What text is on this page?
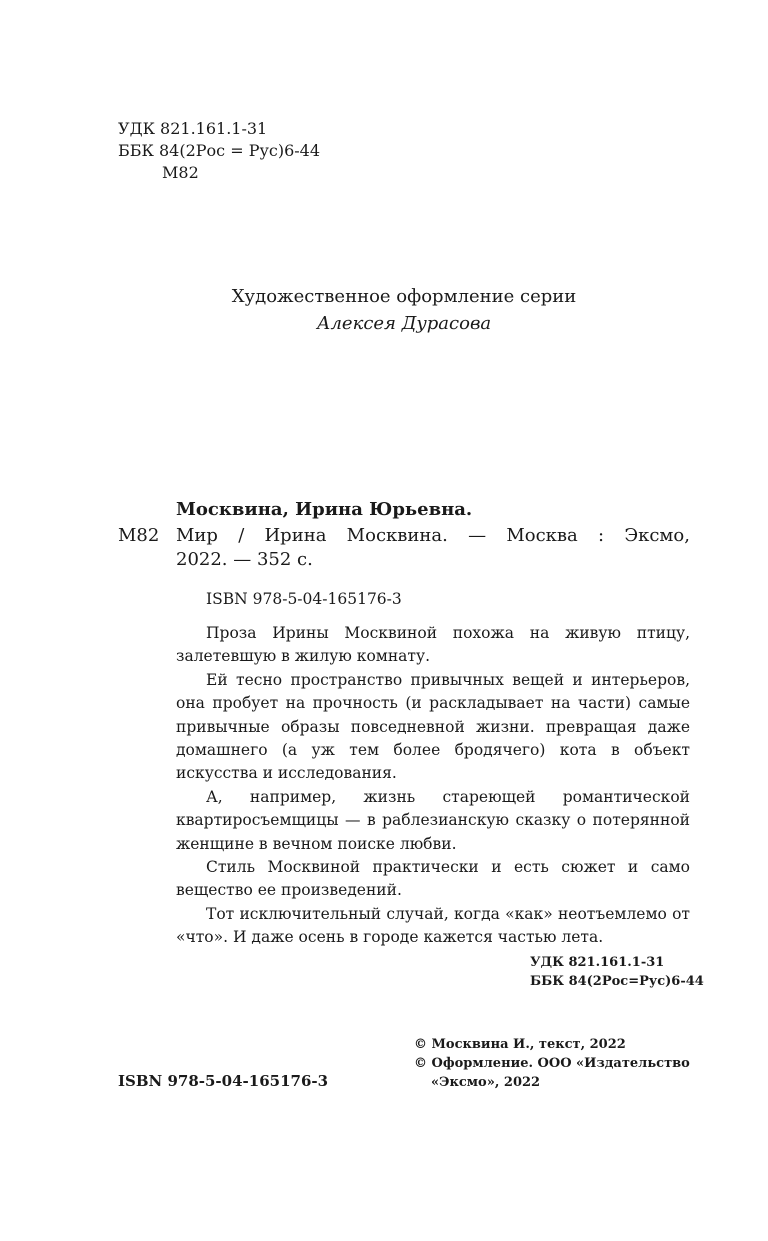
УДК 821.161.1-31
ББК 84(2Рос = Рус)6-44
М82
Художественное оформление серии
Алексея Дурасова
Москвина, Ирина Юрьевна.
М82 Мир / Ирина Москвина. — Москва : Эксмо,
2022. — 352 с.
ISBN 978-5-04-165176-3

Проза Ирины Москвиной похожа на живую птицу, залетевшую в жилую комнату.

Ей тесно пространство привычных вещей и интерьеров, она пробует на прочность (и раскладывает на части) самые привычные образы повседневной жизни. превращая даже домашнего (а уж тем более бродячего) кота в объект искусства и исследования.

А, например, жизнь стареющей романтической квартиросъемщицы — в раблезианскую сказку о потерянной женщине в вечном поиске любви.

Стиль Москвиной практически и есть сюжет и само вещество ее произведений.

Тот исключительный случай, когда «как» неотъемлемо от «что». И даже осень в городе кажется частью лета.

УДК 821.161.1-31
ББК 84(2Рос=Рус)6-44
ISBN 978-5-04-165176-3
© Москвина И., текст, 2022
© Оформление. ООО «Издательство
«Эксмо», 2022
